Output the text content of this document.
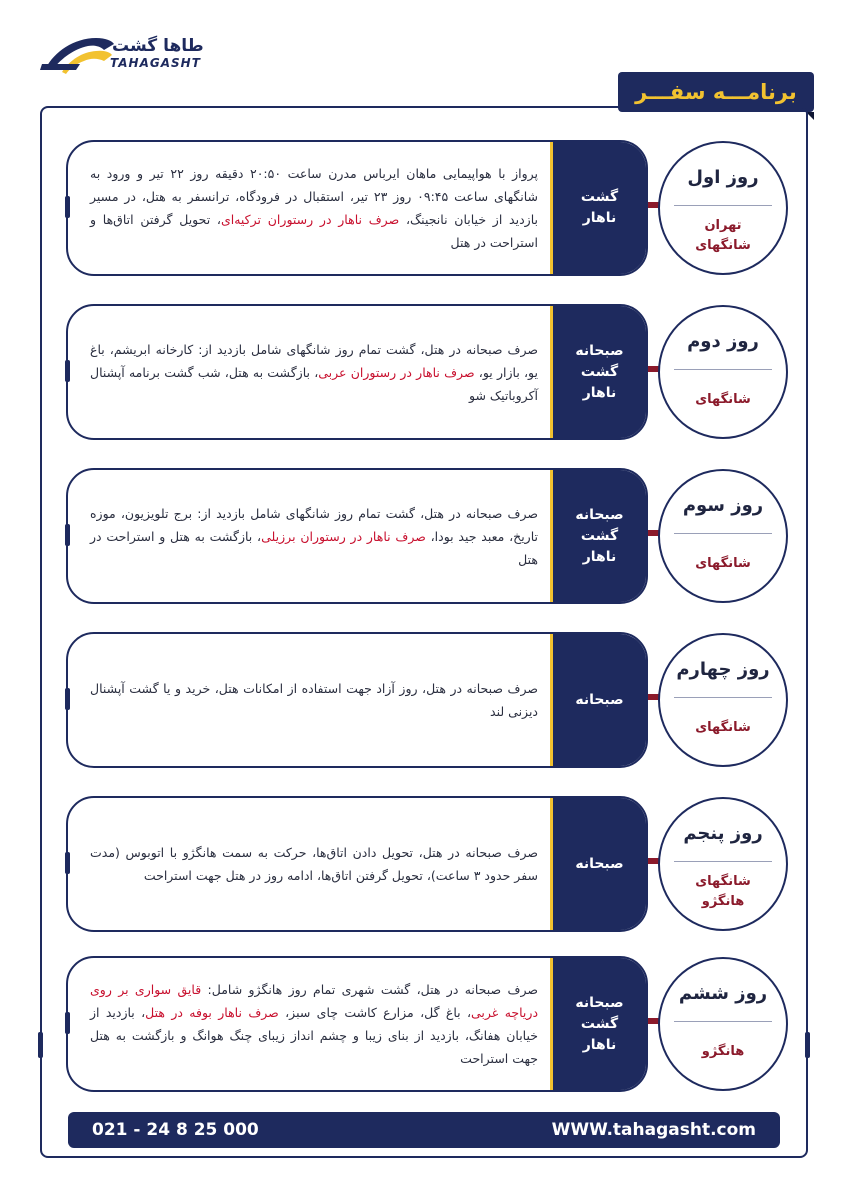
طاها گشت
TAHAGASHT
برنامـــه سفـــر

پرواز با هواپیمایی ماهان ایرباس مدرن ساعت ۲۰:۵۰ دقیقه روز ۲۲ تیر و ورود به شانگهای ساعت ۰۹:۴۵ روز ۲۳ تیر، استقبال در فرودگاه، ترانسفر به هتل، در مسیر بازدید از خیابان نانجینگ، صرف ناهار در رستوران ترکیه‌ای، تحویل گرفتن اتاق‌ها و استراحت در هتل

گشت
ناهار
روز اول
تهران
شانگهای

صرف صبحانه در هتل، گشت تمام روز شانگهای شامل بازدید از: کارخانه ابریشم، باغ یو، بازار یو، صرف ناهار در رستوران عربی، بازگشت به هتل، شب گشت برنامه آپشنال آکروباتیک شو

صبحانه
گشت
ناهار
روز دوم
شانگهای

صرف صبحانه در هتل، گشت تمام روز شانگهای شامل بازدید از: برج تلویزیون، موزه تاریخ، معبد جید بودا، صرف ناهار در رستوران برزیلی، بازگشت به هتل و استراحت در هتل

صبحانه
گشت
ناهار
روز سوم
شانگهای

صرف صبحانه در هتل، روز آزاد جهت استفاده از امکانات هتل، خرید و یا گشت آپشنال دیزنی لند

صبحانه
روز چهارم
شانگهای

صرف صبحانه در هتل، تحویل دادن اتاق‌ها، حرکت به سمت هانگژو با اتوبوس (مدت سفر حدود ۳ ساعت)، تحویل گرفتن اتاق‌ها، ادامه روز در هتل جهت استراحت

صبحانه
روز پنجم
شانگهای
هانگژو

صرف صبحانه در هتل، گشت شهری تمام روز هانگژو شامل: قایق سواری بر روی دریاچه غربی، باغ گل، مزارع کاشت چای سبز، صرف ناهار بوفه در هتل، بازدید از خیابان هفانگ، بازدید از بنای زیبا و چشم انداز زیبای چنگ هوانگ و بازگشت به هتل جهت استراحت

صبحانه
گشت
ناهار
روز ششم
هانگژو
021 - 24 8 25 000	WWW.tahagasht.com
